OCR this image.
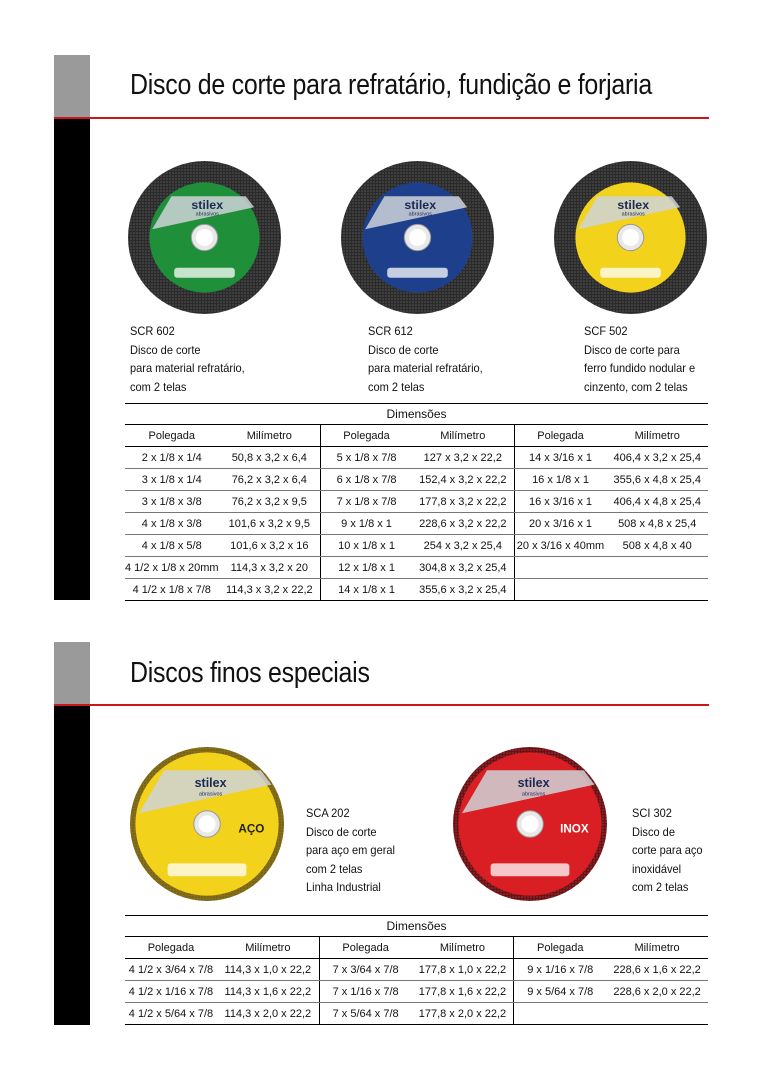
Disco de corte para refratário, fundição e forjaria
stilex
abrasivos
stilex
abrasivos
stilex
abrasivos
SCR 602
Disco de corte
para material refratário,
com 2 telas
SCR 612
Disco de corte
para material refratário,
com 2 telas
SCF 502
Disco de corte para
ferro fundido nodular e
cinzento, com 2 telas
Dimensões					
Polegada	Milímetro	Polegada	Milímetro	Polegada	Milímetro
2 x 1/8 x 1/4	50,8 x 3,2 x 6,4	5 x 1/8 x 7/8	127 x 3,2 x 22,2	14 x 3/16 x 1	406,4 x 3,2 x 25,4
3 x 1/8 x 1/4	76,2 x 3,2 x 6,4	6 x 1/8 x 7/8	152,4 x 3,2 x 22,2	16 x 1/8 x 1	355,6 x 4,8 x 25,4
3 x 1/8 x 3/8	76,2 x 3,2 x 9,5	7 x 1/8 x 7/8	177,8 x 3,2 x 22,2	16 x 3/16 x 1	406,4 x 4,8 x 25,4
4 x 1/8 x 3/8	101,6 x 3,2 x 9,5	9 x 1/8 x 1	228,6 x 3,2 x 22,2	20 x 3/16 x 1	508 x 4,8 x 25,4
4 x 1/8 x 5/8	101,6 x 3,2 x 16	10 x 1/8 x 1	254 x 3,2 x 25,4	20 x 3/16 x 40mm	508 x 4,8 x 40
4 1/2 x 1/8 x 20mm	114,3 x 3,2 x 20	12 x 1/8 x 1	304,8 x 3,2 x 25,4		
4 1/2 x 1/8 x 7/8	114,3 x 3,2 x 22,2	14 x 1/8 x 1	355,6 x 3,2 x 25,4		
Discos finos especiais
stilex
abrasivos
AÇO
stilex
abrasivos
INOX
SCA 202
Disco de corte
para aço em geral
com 2 telas
Linha Industrial
SCI 302
Disco de
corte para aço
inoxidável
com 2 telas
Dimensões					
Polegada	Milímetro	Polegada	Milímetro	Polegada	Milímetro
4 1/2 x 3/64 x 7/8	114,3 x 1,0 x 22,2	7 x 3/64 x 7/8	177,8 x 1,0 x 22,2	9 x 1/16 x 7/8	228,6 x 1,6 x 22,2
4 1/2 x 1/16 x 7/8	114,3 x 1,6 x 22,2	7 x 1/16 x 7/8	177,8 x 1,6 x 22,2	9 x 5/64 x 7/8	228,6 x 2,0 x 22,2
4 1/2 x 5/64 x 7/8	114,3 x 2,0 x 22,2	7 x 5/64 x 7/8	177,8 x 2,0 x 22,2		
